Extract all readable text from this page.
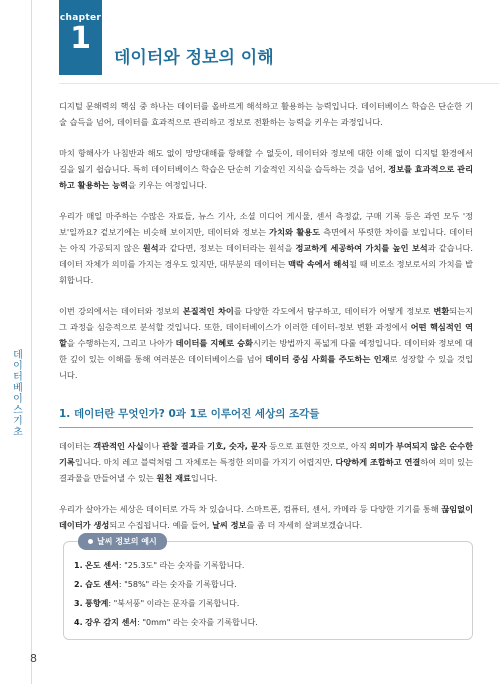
데이터베이스 기초
chapter
1
데이터와 정보의 이해

디지털 문해력의 핵심 중 하나는 데이터를 올바르게 해석하고 활용하는 능력입니다. 데이터베이스 학습은 단순한 기술 습득을 넘어, 데이터를 효과적으로 관리하고 정보로 전환하는 능력을 키우는 과정입니다.

마치 항해사가 나침반과 해도 없이 망망대해를 항해할 수 없듯이, 데이터와 정보에 대한 이해 없이 디지털 환경에서 길을 잃기 쉽습니다. 특히 데이터베이스 학습은 단순히 기술적인 지식을 습득하는 것을 넘어, 정보를 효과적으로 관리하고 활용하는 능력을 키우는 여정입니다.

우리가 매일 마주하는 수많은 자료들, 뉴스 기사, 소셜 미디어 게시물, 센서 측정값, 구매 기록 등은 과연 모두 '정보'일까요? 겉보기에는 비슷해 보이지만, 데이터와 정보는 가치와 활용도 측면에서 뚜렷한 차이를 보입니다. 데이터는 아직 가공되지 않은 원석과 같다면, 정보는 데이터라는 원석을 정교하게 세공하여 가치를 높인 보석과 같습니다. 데이터 자체가 의미를 가지는 경우도 있지만, 대부분의 데이터는 맥락 속에서 해석될 때 비로소 정보로서의 가치를 발휘합니다.

이번 강의에서는 데이터와 정보의 본질적인 차이를 다양한 각도에서 탐구하고, 데이터가 어떻게 정보로 변환되는지 그 과정을 심층적으로 분석할 것입니다. 또한, 데이터베이스가 이러한 데이터-정보 변환 과정에서 어떤 핵심적인 역할을 수행하는지, 그리고 나아가 데이터를 지혜로 승화시키는 방법까지 폭넓게 다룰 예정입니다. 데이터와 정보에 대한 깊이 있는 이해를 통해 여러분은 데이터베이스를 넘어 데이터 중심 사회를 주도하는 인재로 성장할 수 있을 것입니다.

1. 데이터란 무엇인가? 0과 1로 이루어진 세상의 조각들

데이터는 객관적인 사실이나 관찰 결과를 기호, 숫자, 문자 등으로 표현한 것으로, 아직 의미가 부여되지 않은 순수한 기록입니다. 마치 레고 블럭처럼 그 자체로는 특정한 의미를 가지기 어렵지만, 다양하게 조합하고 연결하여 의미 있는 결과물을 만들어낼 수 있는 원천 재료입니다.

우리가 살아가는 세상은 데이터로 가득 차 있습니다. 스마트폰, 컴퓨터, 센서, 카메라 등 다양한 기기를 통해 끊임없이 데이터가 생성되고 수집됩니다. 예를 들어, 날씨 정보를 좀 더 자세히 살펴보겠습니다.

날씨 정보의 예시
1. 온도 센서: "25.3도" 라는 숫자를 기록합니다.
2. 습도 센서: "58%" 라는 숫자를 기록합니다.
3. 풍향계: "북서풍" 이라는 문자를 기록합니다.
4. 강우 감지 센서: "0mm" 라는 숫자를 기록합니다.
8
